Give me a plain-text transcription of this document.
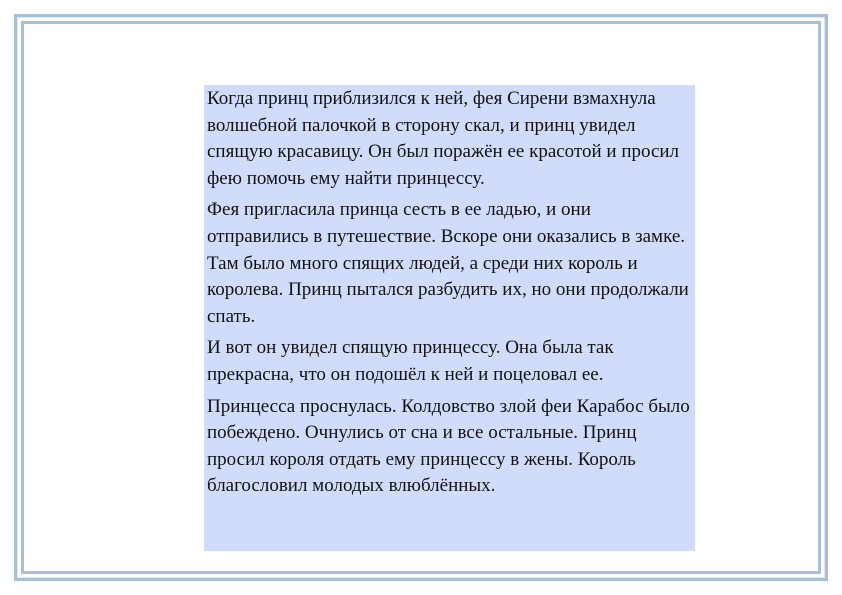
Когда принц приблизился к ней, фея Сирени взмахнула волшебной палочкой в сторону скал, и принц увидел спящую красавицу. Он был поражён ее красотой и просил фею помочь ему найти принцессу.

Фея пригласила принца сесть в ее ладью, и они отправились в путешествие. Вскоре они оказались в замке. Там было много спящих людей, а среди них король и королева. Принц пытался разбудить их, но они продолжали спать.

И вот он увидел спящую принцессу. Она была так прекрасна, что он подошёл к ней и поцеловал ее.

Принцесса проснулась. Колдовство злой феи Карабос было побеждено. Очнулись от сна и все остальные. Принц просил короля отдать ему принцессу в жены. Король благословил молодых влюблённых.
